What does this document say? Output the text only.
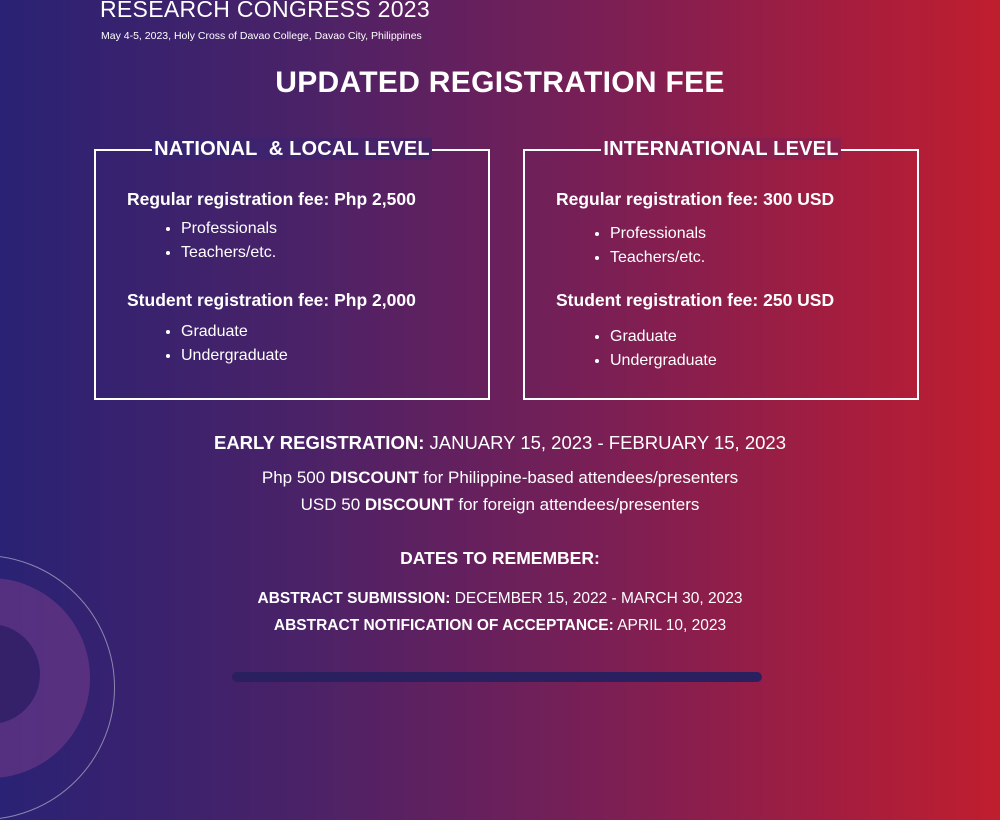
RESEARCH CONGRESS 2023
May 4-5, 2023, Holy Cross of Davao College, Davao City, Philippines
UPDATED REGISTRATION FEE
NATIONAL  & LOCAL LEVEL
Regular registration fee: Php 2,500
• Professionals
• Teachers/etc.
Student registration fee: Php 2,000
• Graduate
• Undergraduate
INTERNATIONAL LEVEL
Regular registration fee: 300 USD
• Professionals
• Teachers/etc.
Student registration fee: 250 USD
• Graduate
• Undergraduate
EARLY REGISTRATION: JANUARY 15, 2023 - FEBRUARY 15, 2023
Php 500 DISCOUNT for Philippine-based attendees/presenters
USD 50 DISCOUNT for foreign attendees/presenters
DATES TO REMEMBER:
ABSTRACT SUBMISSION: DECEMBER 15, 2022 - MARCH 30, 2023
ABSTRACT NOTIFICATION OF ACCEPTANCE: APRIL 10, 2023
